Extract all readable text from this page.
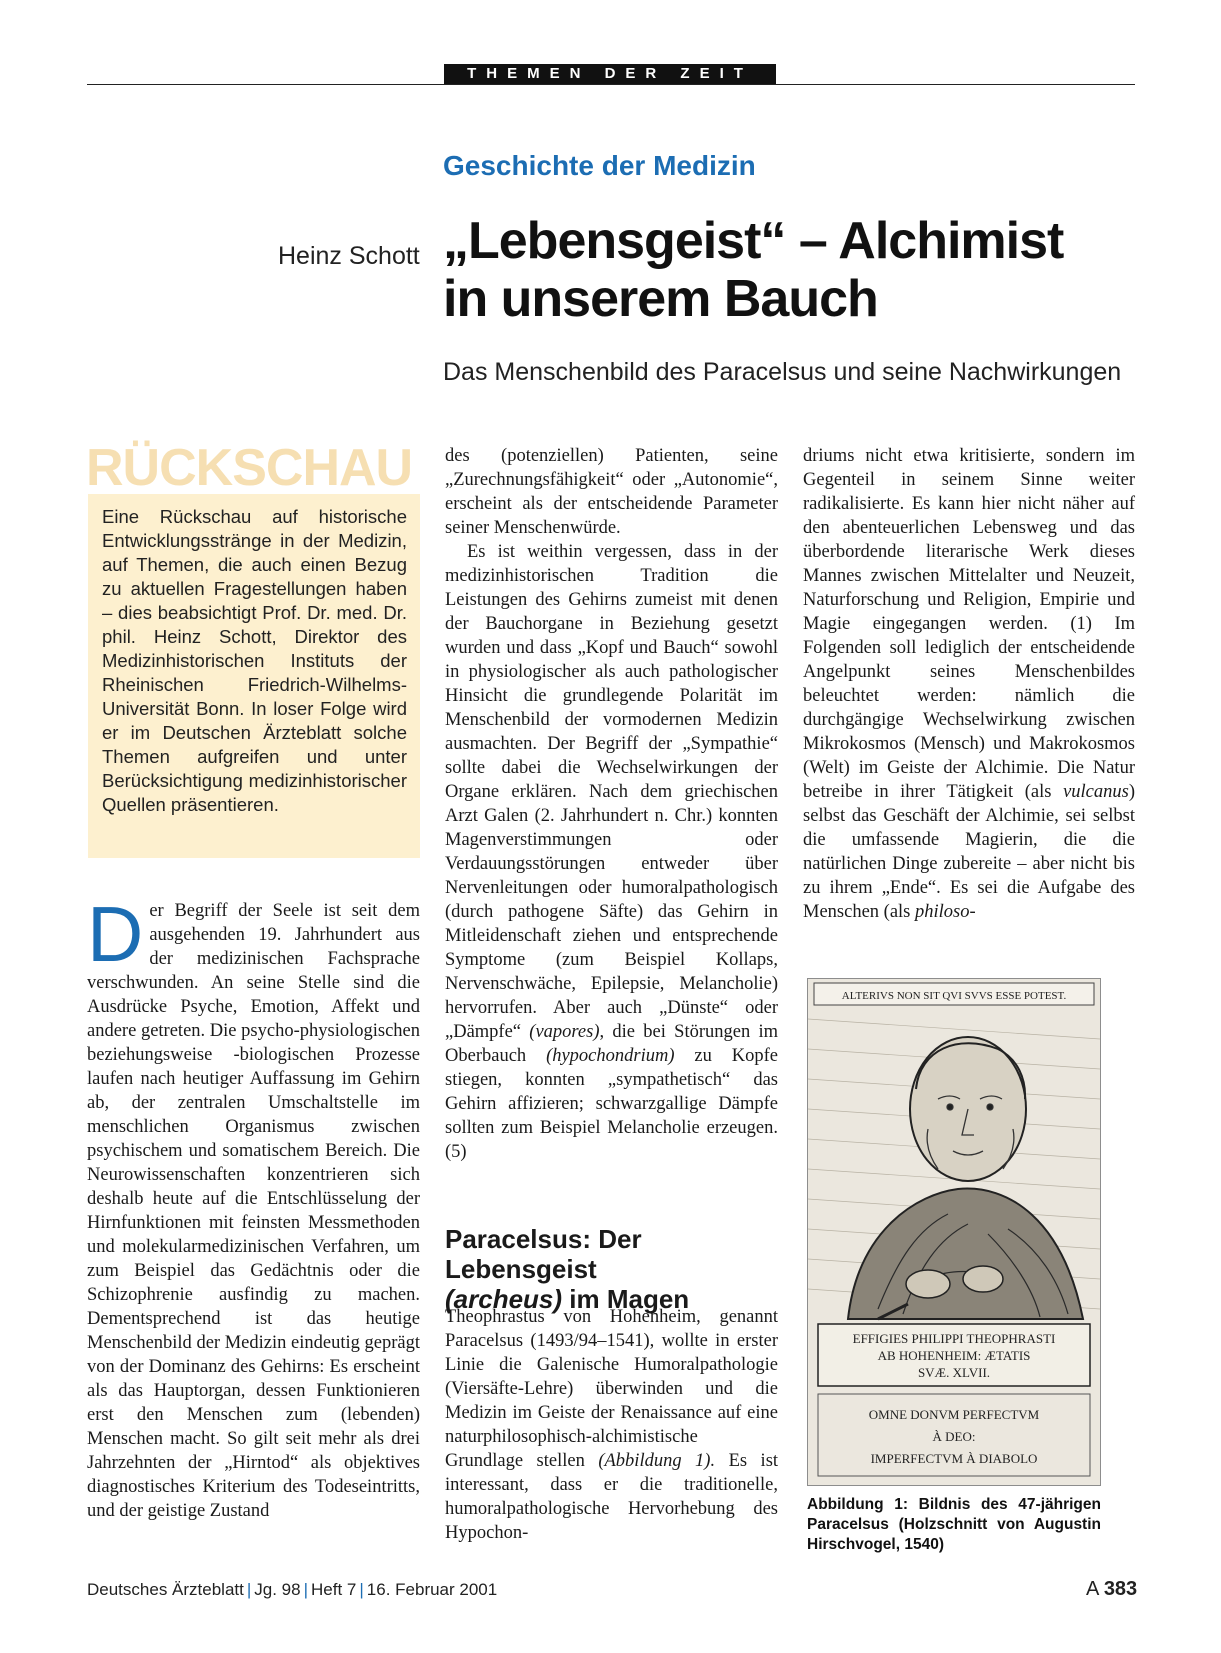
THEMEN DER ZEIT
Geschichte der Medizin
Heinz Schott „Lebensgeist“ – Alchimist
in unserem Bauch
Das Menschenbild des Paracelsus und seine Nachwirkungen
RÜCKSCHAU
Eine Rückschau auf historische Entwicklungsstränge in der Medizin, auf Themen, die auch einen Bezug zu aktuellen Fragestellungen haben – dies beabsichtigt Prof. Dr. med. Dr. phil. Heinz Schott, Direktor des Medizinhistorischen Instituts der Rheinischen Friedrich-Wilhelms-Universität Bonn. In loser Folge wird er im Deutschen Ärzteblatt solche Themen aufgreifen und unter Berücksichtigung medizinhistorischer Quellen präsentieren.

Der Begriff der Seele ist seit dem ausgehenden 19. Jahrhundert aus der medizinischen Fachsprache verschwunden. An seine Stelle sind die Ausdrücke Psyche, Emotion, Affekt und andere getreten. Die psycho-physiologischen beziehungsweise -biologischen Prozesse laufen nach heutiger Auffassung im Gehirn ab, der zentralen Umschaltstelle im menschlichen Organismus zwischen psychischem und somatischem Bereich. Die Neurowissenschaften konzentrieren sich deshalb heute auf die Entschlüsselung der Hirnfunktionen mit feinsten Messmethoden und molekularmedizinischen Verfahren, um zum Beispiel das Gedächtnis oder die Schizophrenie ausfindig zu machen. Dementsprechend ist das heutige Menschenbild der Medizin eindeutig geprägt von der Dominanz des Gehirns: Es erscheint als das Hauptorgan, dessen Funktionieren erst den Menschen zum (lebenden) Menschen macht. So gilt seit mehr als drei Jahrzehnten der „Hirntod“ als objektives diagnostisches Kriterium des Todeseintritts, und der geistige Zustand

des (potenziellen) Patienten, seine „Zurechnungsfähigkeit“ oder „Autonomie“, erscheint als der entscheidende Parameter seiner Menschenwürde.

Es ist weithin vergessen, dass in der medizinhistorischen Tradition die Leistungen des Gehirns zumeist mit denen der Bauchorgane in Beziehung gesetzt wurden und dass „Kopf und Bauch“ sowohl in physiologischer als auch pathologischer Hinsicht die grundlegende Polarität im Menschenbild der vormodernen Medizin ausmachten. Der Begriff der „Sympathie“ sollte dabei die Wechselwirkungen der Organe erklären. Nach dem griechischen Arzt Galen (2. Jahrhundert n. Chr.) konnten Magenverstimmungen oder Verdauungsstörungen entweder über Nervenleitungen oder humoralpathologisch (durch pathogene Säfte) das Gehirn in Mitleidenschaft ziehen und entsprechende Symptome (zum Beispiel Kollaps, Nervenschwäche, Epilepsie, Melancholie) hervorrufen. Aber auch „Dünste“ oder „Dämpfe“ (vapores), die bei Störungen im Oberbauch (hypochondrium) zu Kopfe stiegen, konnten „sympathetisch“ das Gehirn affizieren; schwarzgallige Dämpfe sollten zum Beispiel Melancholie erzeugen. (5)

Paracelsus: Der Lebensgeist
(archeus) im Magen

Theophrastus von Hohenheim, genannt Paracelsus (1493/94–1541), wollte in erster Linie die Galenische Humoralpathologie (Viersäfte-Lehre) überwinden und die Medizin im Geiste der Renaissance auf eine naturphilosophisch-alchimistische Grundlage stellen (Abbildung 1). Es ist interessant, dass er die traditionelle, humoralpathologische Hervorhebung des Hypochon-

driums nicht etwa kritisierte, sondern im Gegenteil in seinem Sinne weiter radikalisierte. Es kann hier nicht näher auf den abenteuerlichen Lebensweg und das überbordende literarische Werk dieses Mannes zwischen Mittelalter und Neuzeit, Naturforschung und Religion, Empirie und Magie eingegangen werden. (1) Im Folgenden soll lediglich der entscheidende Angelpunkt seines Menschenbildes beleuchtet werden: nämlich die durchgängige Wechselwirkung zwischen Mikrokosmos (Mensch) und Makrokosmos (Welt) im Geiste der Alchimie. Die Natur betreibe in ihrer Tätigkeit (als vulcanus) selbst das Geschäft der Alchimie, sei selbst die umfassende Magierin, die die natürlichen Dinge zubereite – aber nicht bis zu ihrem „Ende“. Es sei die Aufgabe des Menschen (als philoso-

ALTERIVS NON SIT QVI SVVS ESSE POTEST.
EFFIGIES PHILIPPI THEOPHRASTI
AB HOHENHEIM: ÆTATIS
SVÆ. XLVII.
OMNE DONVM PERFECTVM
À DEO:
IMPERFECTVM À DIABOLO
Abbildung 1: Bildnis des 47-jährigen Paracelsus (Holzschnitt von Augustin Hirschvogel, 1540)
Deutsches Ärzteblatt | Jg. 98 | Heft 7 | 16. Februar 2001	A 383
